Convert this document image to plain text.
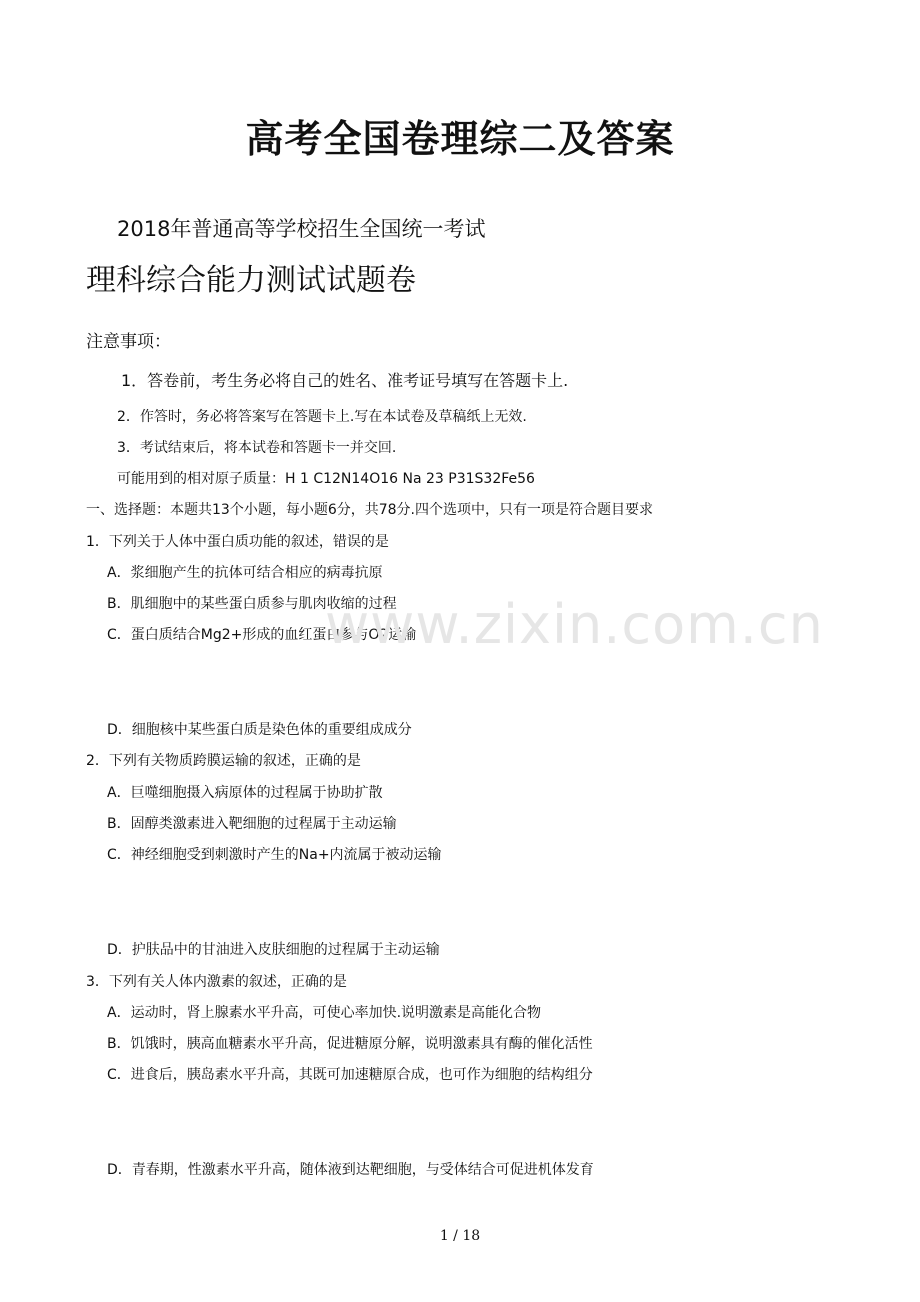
高考全国卷理综二及答案
2018年普通高等学校招生全国统一考试
理科综合能力测试试题卷
注意事项：
1．答卷前，考生务必将自己的姓名、准考证号填写在答题卡上.
2．作答时，务必将答案写在答题卡上.写在本试卷及草稿纸上无效.
3．考试结束后，将本试卷和答题卡一并交回.
可能用到的相对原子质量：H 1 C12N14O16 Na 23 P31S32Fe56
一、选择题：本题共13个小题，每小题6分，共78分.四个选项中，只有一项是符合题目要求
1．下列关于人体中蛋白质功能的叙述，错误的是
A．浆细胞产生的抗体可结合相应的病毒抗原
B．肌细胞中的某些蛋白质参与肌肉收缩的过程
C．蛋白质结合Mg2+形成的血红蛋白参与O2运输
D．细胞核中某些蛋白质是染色体的重要组成成分
2．下列有关物质跨膜运输的叙述，正确的是
A．巨噬细胞摄入病原体的过程属于协助扩散
B．固醇类激素进入靶细胞的过程属于主动运输
C．神经细胞受到刺激时产生的Na+内流属于被动运输
D．护肤品中的甘油进入皮肤细胞的过程属于主动运输
3．下列有关人体内激素的叙述，正确的是
A．运动时，肾上腺素水平升高，可使心率加快.说明激素是高能化合物
B．饥饿时，胰高血糖素水平升高，促进糖原分解，说明激素具有酶的催化活性
C．进食后，胰岛素水平升高，其既可加速糖原合成，也可作为细胞的结构组分
D．青春期，性激素水平升高，随体液到达靶细胞，与受体结合可促进机体发育
www.zixin.com.cn
1 / 18
